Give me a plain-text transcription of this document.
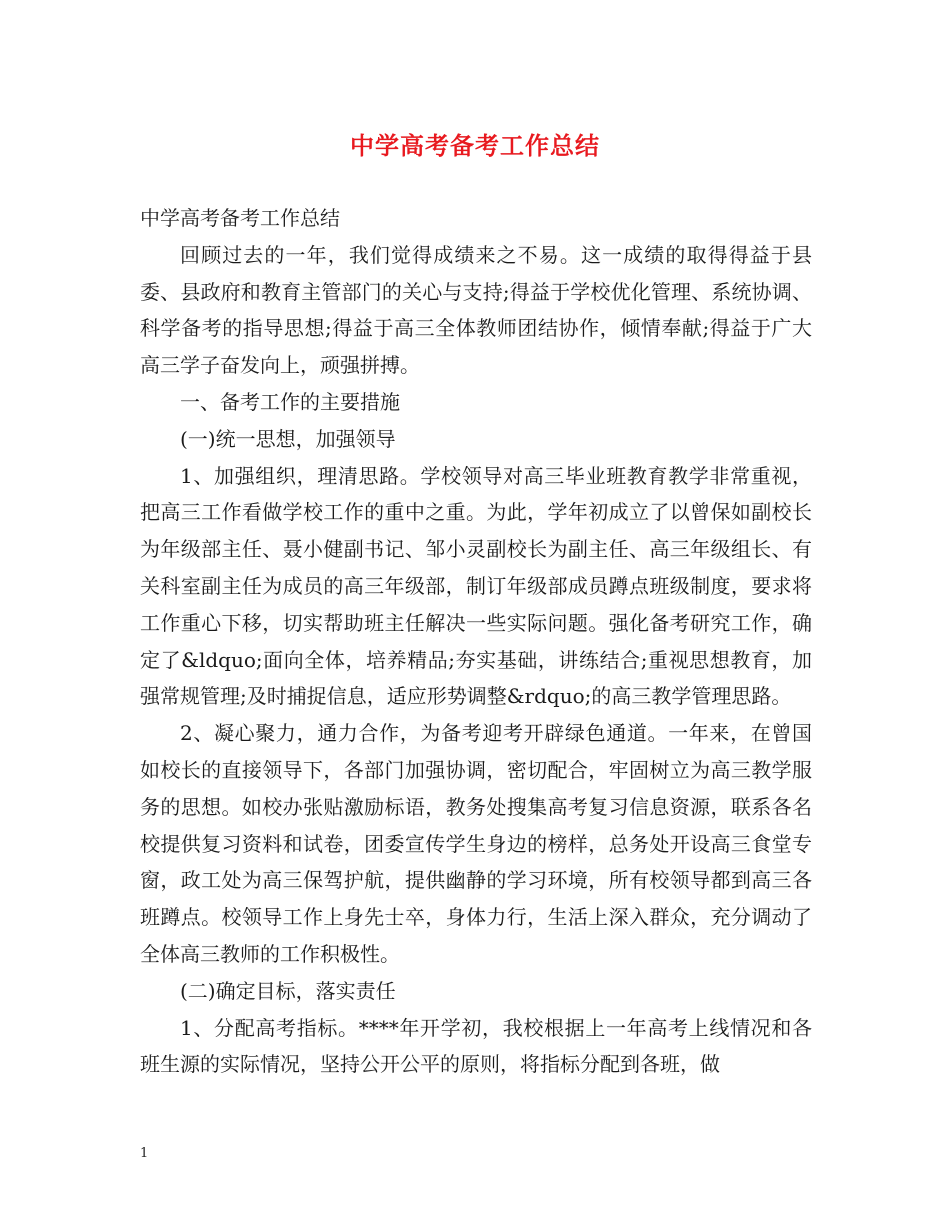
中学高考备考工作总结

中学高考备考工作总结

回顾过去的一年，我们觉得成绩来之不易。这一成绩的取得得益于县委、县政府和教育主管部门的关心与支持;得益于学校优化管理、系统协调、科学备考的指导思想;得益于高三全体教师团结协作，倾情奉献;得益于广大高三学子奋发向上，顽强拼搏。

一、备考工作的主要措施

(一)统一思想，加强领导

1、加强组织，理清思路。学校领导对高三毕业班教育教学非常重视，把高三工作看做学校工作的重中之重。为此，学年初成立了以曾保如副校长为年级部主任、聂小健副书记、邹小灵副校长为副主任、高三年级组长、有关科室副主任为成员的高三年级部，制订年级部成员蹲点班级制度，要求将工作重心下移，切实帮助班主任解决一些实际问题。强化备考研究工作，确定了&ldquo;面向全体，培养精品;夯实基础，讲练结合;重视思想教育，加强常规管理;及时捕捉信息，适应形势调整&rdquo;的高三教学管理思路。

2、凝心聚力，通力合作，为备考迎考开辟绿色通道。一年来，在曾国如校长的直接领导下，各部门加强协调，密切配合，牢固树立为高三教学服务的思想。如校办张贴激励标语，教务处搜集高考复习信息资源，联系各名校提供复习资料和试卷，团委宣传学生身边的榜样，总务处开设高三食堂专窗，政工处为高三保驾护航，提供幽静的学习环境，所有校领导都到高三各班蹲点。校领导工作上身先士卒，身体力行，生活上深入群众，充分调动了全体高三教师的工作积极性。

(二)确定目标，落实责任

1、分配高考指标。****年开学初，我校根据上一年高考上线情况和各班生源的实际情况，坚持公开公平的原则，将指标分配到各班，做

1
